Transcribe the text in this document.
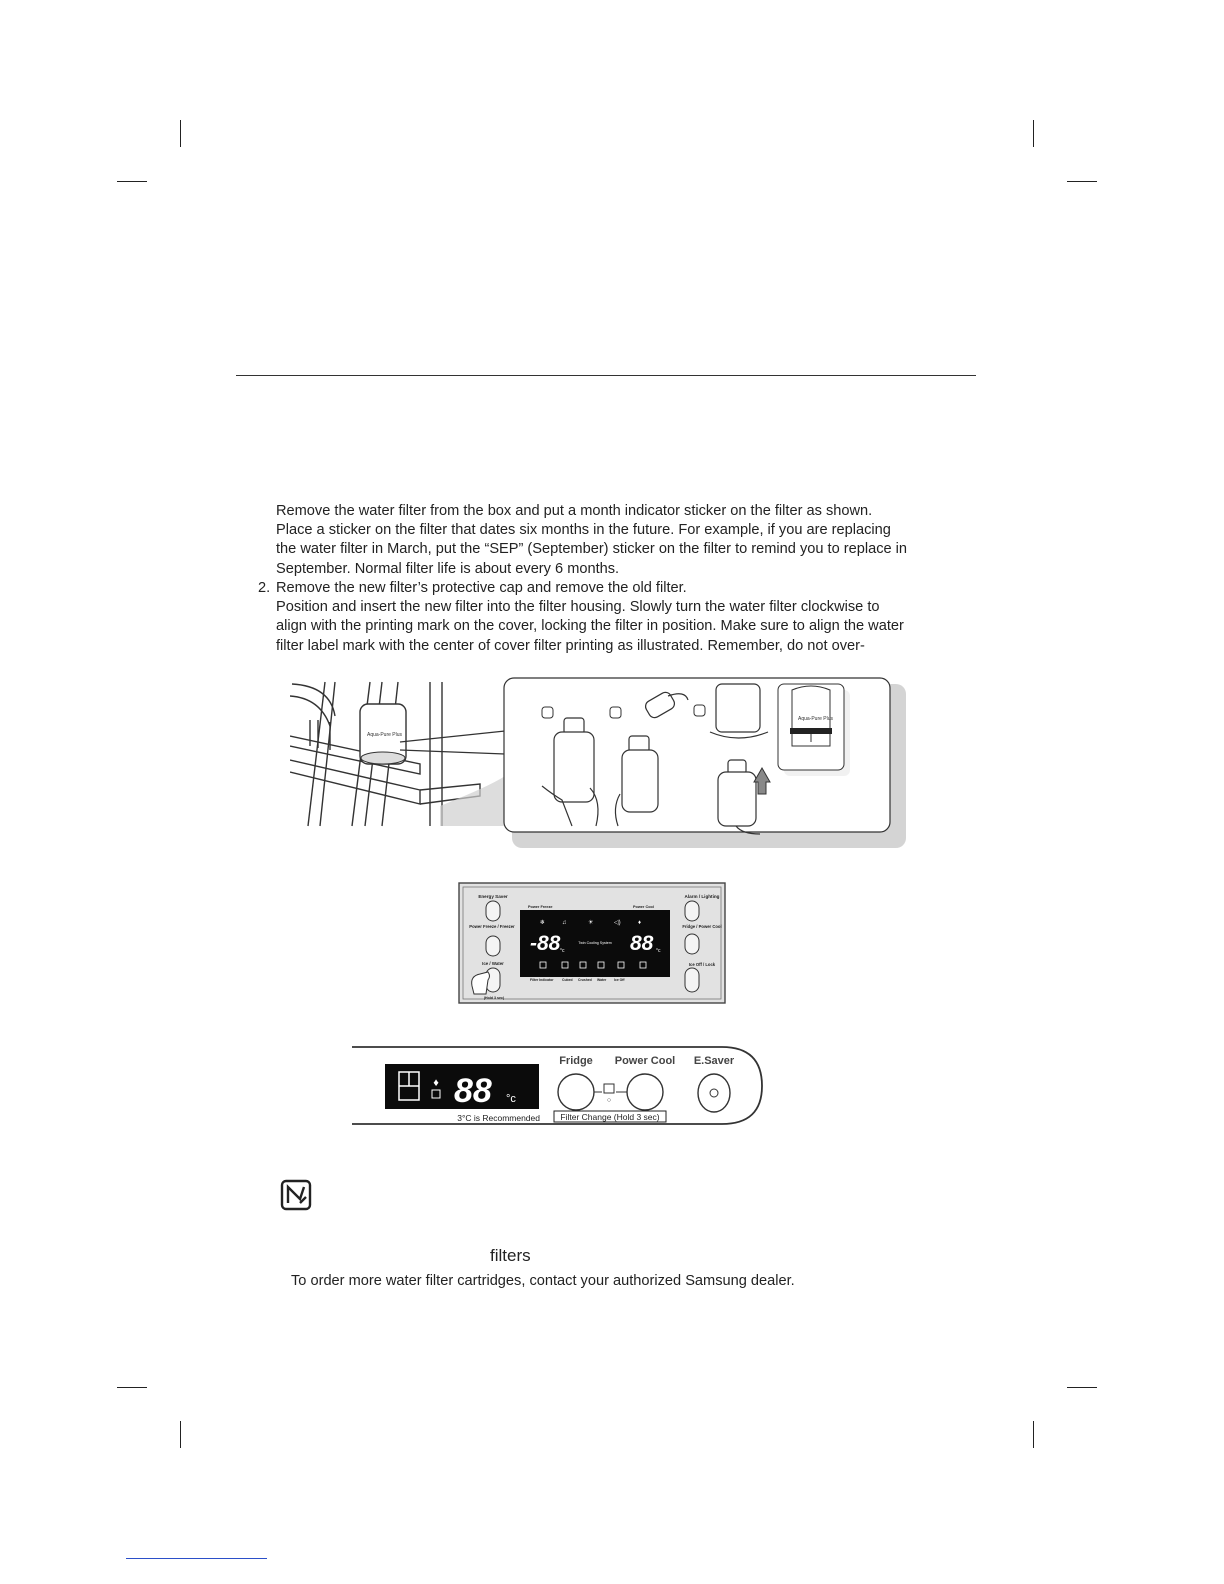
Remove the water filter from the box and put a month indicator sticker on the filter as shown.

Place a sticker on the filter that dates six months in the future. For example, if you are replacing

the water filter in March, put the “SEP” (September) sticker on the filter to remind you to replace in

September. Normal filter life is about every 6 months.

2. Remove the new filter’s protective cap and remove the old filter.

Position and insert the new filter into the filter housing. Slowly turn the water filter clockwise to

align with the printing mark on the cover, locking the filter in position. Make sure to align the water

filter label mark with the center of cover filter printing as illustrated. Remember, do not over-

Aqua-Pure Plus
Aqua-Pure Plus
Energy Saver
Power Freeze / Freezer
Ice / Water
(Hold 3 sec)
Alarm / Lighting
Fridge / Power Cool
Ice Off / Lock
Power Freeze	Power Cool
❄	♫	☀	◁)	♦
-88 °c
Twin Cooling System 88 °c
Filter Indicator Cubed Crushed Water Ice Off
♦ 88 °c
3°C is Recommended
Fridge Power Cool
○
E.Saver
Filter Change (Hold 3 sec)
filters
To order more water filter cartridges, contact your authorized Samsung dealer.
